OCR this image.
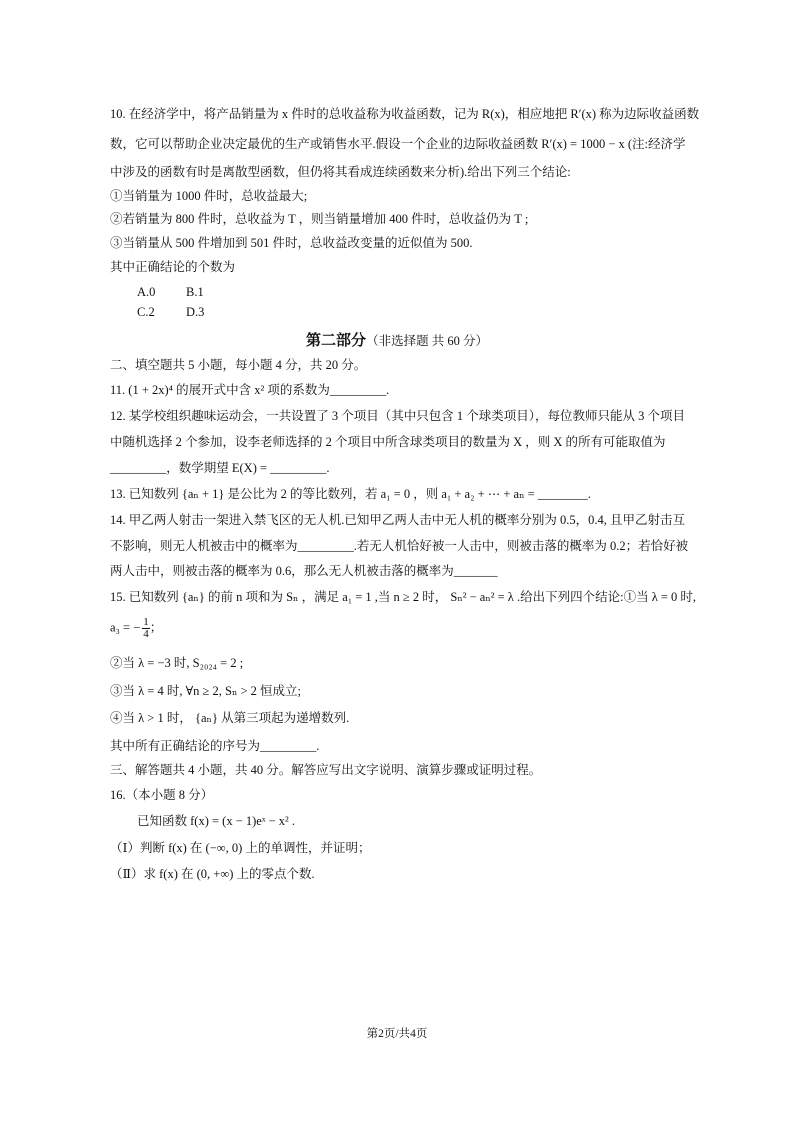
10. 在经济学中，将产品销量为 x 件时的总收益称为收益函数，记为 R(x)，相应地把 R′(x) 称为边际收益函数
数，它可以帮助企业决定最优的生产或销售水平.假设一个企业的边际收益函数 R′(x) = 1000 − x (注:经济学
中涉及的函数有时是离散型函数，但仍将其看成连续函数来分析).给出下列三个结论:
①当销量为 1000 件时，总收益最大;
②若销量为 800 件时，总收益为 T ，则当销量增加 400 件时，总收益仍为 T ;
③当销量从 500 件增加到 501 件时，总收益改变量的近似值为 500.
其中正确结论的个数为
A.0 B.1
C.2	D.3
第二部分（非选择题 共 60 分）
二、填空题共 5 小题，每小题 4 分，共 20 分。
11. (1 + 2x)⁴ 的展开式中含 x² 项的系数为_________.
12. 某学校组织趣味运动会，一共设置了 3 个项目（其中只包含 1 个球类项目），每位教师只能从 3 个项目
中随机选择 2 个参加，设李老师选择的 2 个项目中所含球类项目的数量为 X ，则 X 的所有可能取值为
_________，数学期望 E(X) = _________.
13. 已知数列 {aₙ + 1} 是公比为 2 的等比数列，若 a₁ = 0 ，则 a₁ + a₂ + ⋯ + aₙ = ________.
14. 甲乙两人射击一架进入禁飞区的无人机.已知甲乙两人击中无人机的概率分别为 0.5，0.4, 且甲乙射击互
不影响，则无人机被击中的概率为_________.若无人机恰好被一人击中，则被击落的概率为 0.2；若恰好被
两人击中，则被击落的概率为 0.6，那么无人机被击落的概率为_______
15. 已知数列 {aₙ} 的前 n 项和为 Sₙ ，满足 a₁ = 1 ,当 n ≥ 2 时， Sₙ² − aₙ² = λ .给出下列四个结论:①当 λ = 0 时,
a₃ = − $\frac{1}{4}$ ；
②当 λ = −3 时, S₂₀₂₄ = 2 ;
③当 λ = 4 时, ∀n ≥ 2, Sₙ > 2 恒成立;
④当 λ > 1 时， {aₙ} 从第三项起为递增数列.
其中所有正确结论的序号为_________.
三、解答题共 4 小题，共 40 分。解答应写出文字说明、演算步骤或证明过程。
16.（本小题 8 分）
已知函数 f(x) = (x − 1)eˣ − x² .
（Ⅰ）判断 f(x) 在 (−∞, 0) 上的单调性，并证明；
（Ⅱ）求 f(x) 在 (0, +∞) 上的零点个数.
第2页/共4页
